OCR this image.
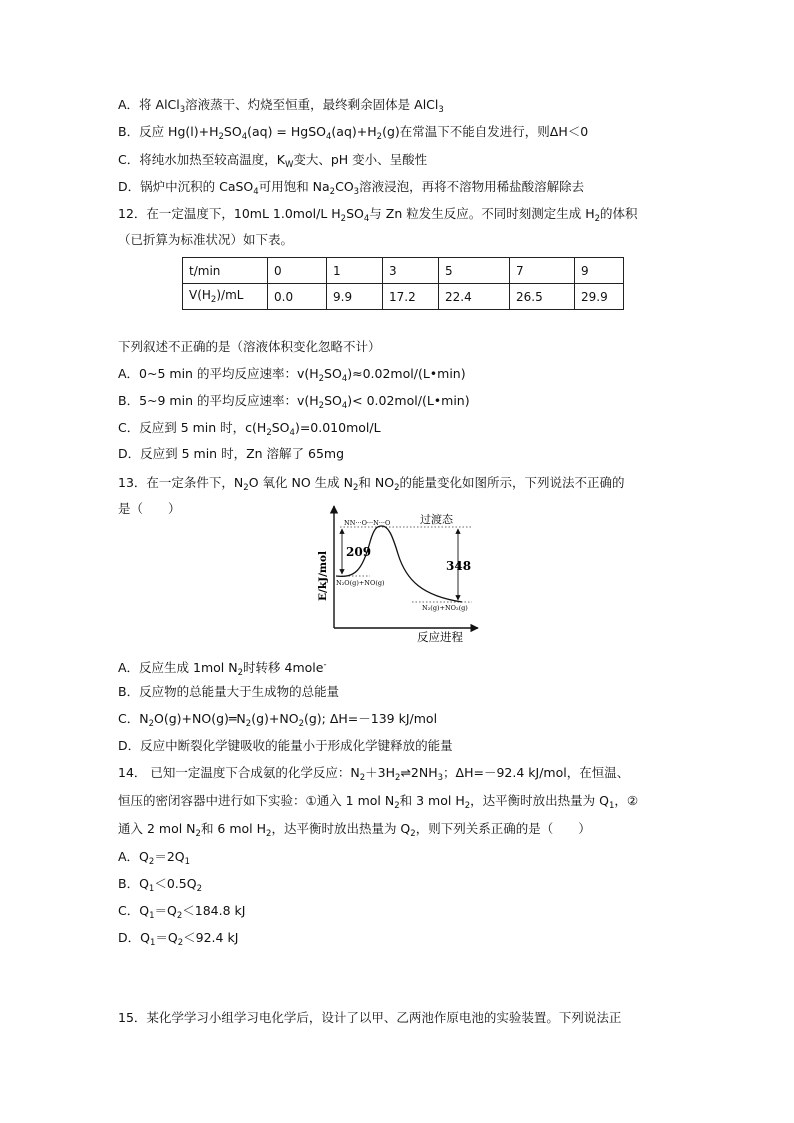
A．将 AlCl$_3$溶液蒸干、灼烧至恒重，最终剩余固体是 AlCl$_3$
B．反应 $Hg(l)+H_2SO_4(aq)$ = $HgSO_4(aq)+H_2(g)$在常温下不能自发进行，则ΔH＜0
C．将纯水加热至较高温度，$K_W$变大、pH 变小、呈酸性
D．锅炉中沉积的 CaSO$_4$可用饱和 $Na_2CO_3$溶液浸泡，再将不溶物用稀盐酸溶解除去
12．在一定温度下，10mL 1.0mol/L $H_2SO_4$与 Zn 粒发生反应。不同时刻测定生成 $H_2$的体积
（已折算为标准状况）如下表。
t/min	0	1	3	5	7	9
$V(H_2)/mL$	0.0	9.9	17.2	22.4	26.5	29.9
下列叙述不正确的是（溶液体积变化忽略不计）
A．0~5 min 的平均反应速率：$v(H_2SO_4)\approx 0.02mol/(L•\min)$
B．5~9 min 的平均反应速率：$v(H_2SO_4)<$ 0.02mol/(L•min)
C．反应到 5 min 时，$c(H_2SO_4)=0.010mol/L$
D．反应到 5 min 时，Zn 溶解了 65mg
13．在一定条件下，$N_2O$ 氧化 NO 生成 $N_2$和 $NO_2$的能量变化如图所示，下列说法不正确的
是（　　）
E/kJ/mol
反应进程
209
348
过渡态
NN···O···N···O
N₂O(g)+NO(g)
N₂(g)+NO₂(g)
A．反应生成 1mol $N_2$时转移 4mole-
B．反应物的总能量大于生成物的总能量
C．$N_2O(g)+NO(g)═N_2(g)+NO_2(g)$; ΔH=－139 kJ/mol
D．反应中断裂化学键吸收的能量小于形成化学键释放的能量
14． 已知一定温度下合成氨的化学反应：$N_2+3H_2\rightleftharpoons 2NH_3$；ΔH=－92.4 kJ/mol，在恒温、
恒压的密闭容器中进行如下实验：①通入 1 mol $N_2$和 3 mol $H_2$，达平衡时放出热量为 $Q_1$，②
通入 2 mol $N_2$和 6 mol $H_2$，达平衡时放出热量为 $Q_2$，则下列关系正确的是（　　）
A．$Q_2=2Q_1$
B．$Q_1<0.5Q_2$
C．$Q_1=Q_2<184.8$ kJ
D．$Q_1=Q_2<92.4$ kJ
15．某化学学习小组学习电化学后，设计了以甲、乙两池作原电池的实验装置。下列说法正
